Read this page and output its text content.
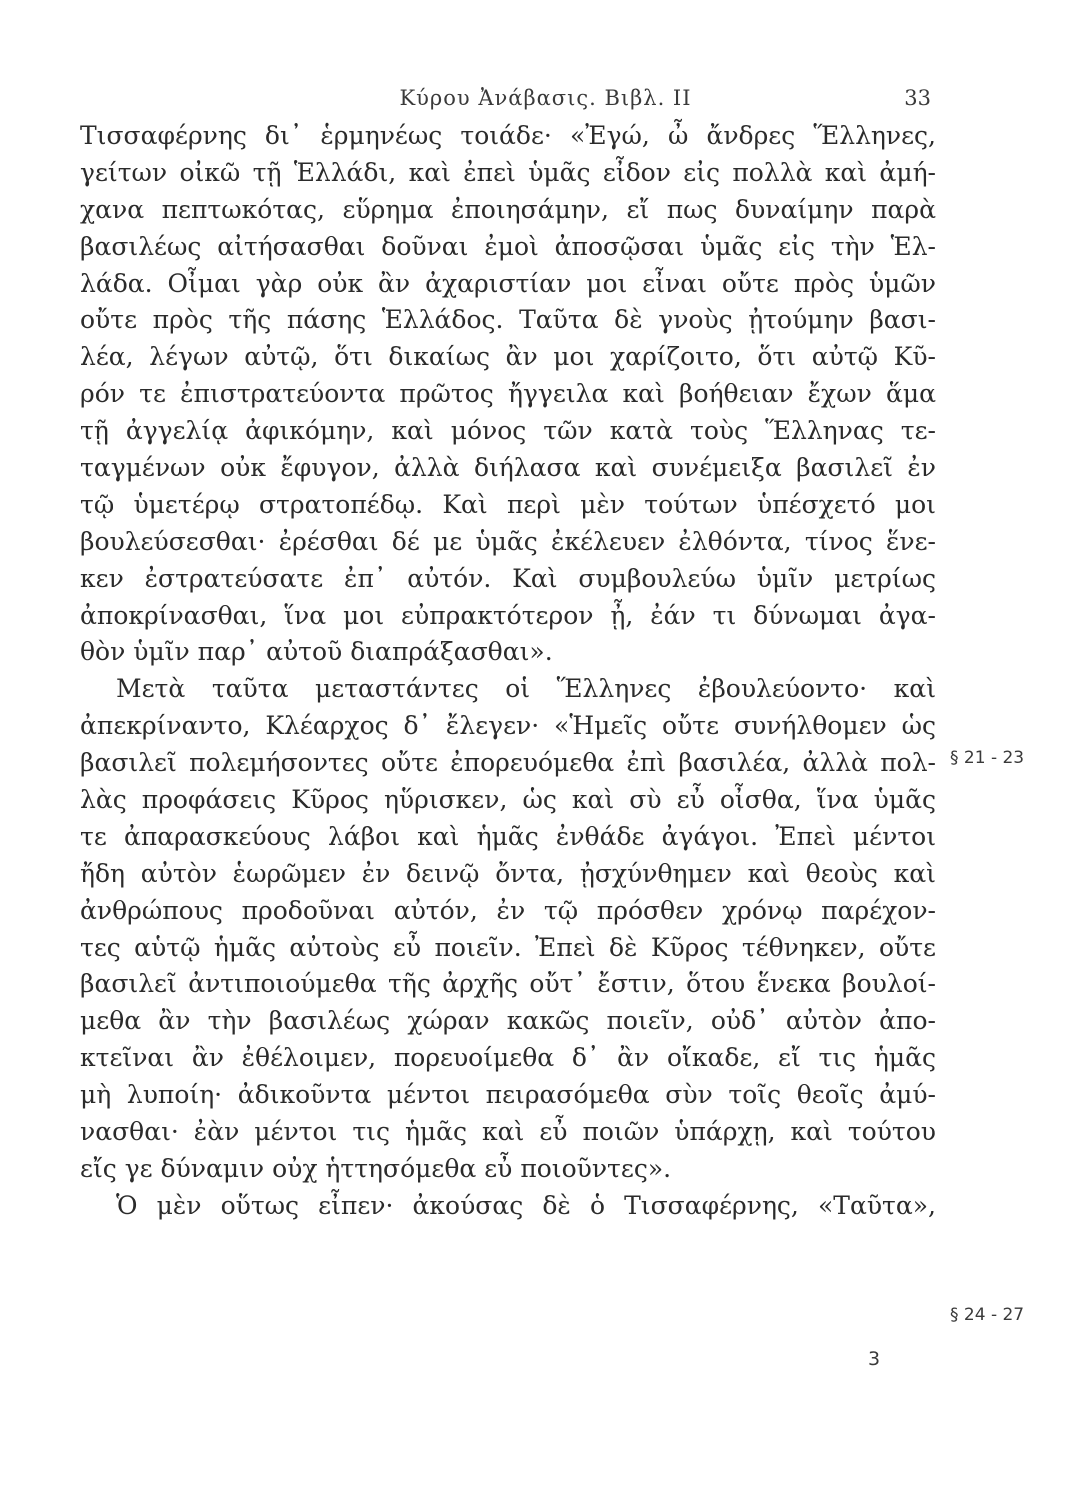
Κύρου Ἀνάβασις. Βιβλ. II	33
Τισσαφέρνης δι᾽ ἑρμηνέως τοιάδε· «Ἐγώ, ὦ ἄνδρες Ἕλληνες,
γείτων οἰκῶ τῇ Ἑλλάδι, καὶ ἐπεὶ ὑμᾶς εἶδον εἰς πολλὰ καὶ ἀμή-
χανα πεπτωκότας, εὕρημα ἐποιησάμην, εἴ πως δυναίμην παρὰ
βασιλέως αἰτήσασθαι δοῦναι ἐμοὶ ἀποσῷσαι ὑμᾶς εἰς τὴν Ἑλ-
λάδα. Οἶμαι γὰρ οὐκ ἂν ἀχαριστίαν μοι εἶναι οὔτε πρὸς ὑμῶν
οὔτε πρὸς τῆς πάσης Ἑλλάδος. Ταῦτα δὲ γνοὺς ᾐτούμην βασι-
λέα, λέγων αὐτῷ, ὅτι δικαίως ἂν μοι χαρίζοιτο, ὅτι αὐτῷ Κῦ-
ρόν τε ἐπιστρατεύοντα πρῶτος ἤγγειλα καὶ βοήθειαν ἔχων ἅμα
τῇ ἀγγελίᾳ ἀφικόμην, καὶ μόνος τῶν κατὰ τοὺς Ἕλληνας τε-
ταγμένων οὐκ ἔφυγον, ἀλλὰ διήλασα καὶ συνέμειξα βασιλεῖ ἐν
τῷ ὑμετέρῳ στρατοπέδῳ. Καὶ περὶ μὲν τούτων ὑπέσχετό μοι
βουλεύσεσθαι· ἐρέσθαι δέ με ὑμᾶς ἐκέλευεν ἐλθόντα, τίνος ἕνε-
κεν ἐστρατεύσατε ἐπ᾽ αὐτόν. Καὶ συμβουλεύω ὑμῖν μετρίως
ἀποκρίνασθαι, ἵνα μοι εὐπρακτότερον ᾖ, ἐάν τι δύνωμαι ἀγα-
θὸν ὑμῖν παρ᾽ αὐτοῦ διαπράξασθαι».
Μετὰ ταῦτα μεταστάντες οἱ Ἕλληνες ἐβουλεύοντο· καὶ
ἀπεκρίναντο, Κλέαρχος δ᾽ ἔλεγεν· «Ἡμεῖς οὔτε συνήλθομεν ὡς
βασιλεῖ πολεμήσοντες οὔτε ἐπορευόμεθα ἐπὶ βασιλέα, ἀλλὰ πολ-
λὰς προφάσεις Κῦρος ηὕρισκεν, ὡς καὶ σὺ εὖ οἶσθα, ἵνα ὑμᾶς
τε ἀπαρασκεύους λάβοι καὶ ἡμᾶς ἐνθάδε ἀγάγοι. Ἐπεὶ μέντοι
ἤδη αὐτὸν ἑωρῶμεν ἐν δεινῷ ὄντα, ᾐσχύνθημεν καὶ θεοὺς καὶ
ἀνθρώπους προδοῦναι αὐτόν, ἐν τῷ πρόσθεν χρόνῳ παρέχον-
τες αὑτῷ ἡμᾶς αὐτοὺς εὖ ποιεῖν. Ἐπεὶ δὲ Κῦρος τέθνηκεν, οὔτε
βασιλεῖ ἀντιποιούμεθα τῆς ἀρχῆς οὔτ᾽ ἔστιν, ὅτου ἕνεκα βουλοί-
μεθα ἂν τὴν βασιλέως χώραν κακῶς ποιεῖν, οὐδ᾽ αὐτὸν ἀπο-
κτεῖναι ἂν ἐθέλοιμεν, πορευοίμεθα δ᾽ ἂν οἴκαδε, εἴ τις ἡμᾶς
μὴ λυποίη· ἀδικοῦντα μέντοι πειρασόμεθα σὺν τοῖς θεοῖς ἀμύ-
νασθαι· ἐὰν μέντοι τις ἡμᾶς καὶ εὖ ποιῶν ὑπάρχῃ, καὶ τούτου
εἴς γε δύναμιν οὐχ ἡττησόμεθα εὖ ποιοῦντες».
Ὁ μὲν οὕτως εἶπεν· ἀκούσας δὲ ὁ Τισσαφέρνης, «Ταῦτα»,
§ 21 - 23
§ 24 - 27
3
